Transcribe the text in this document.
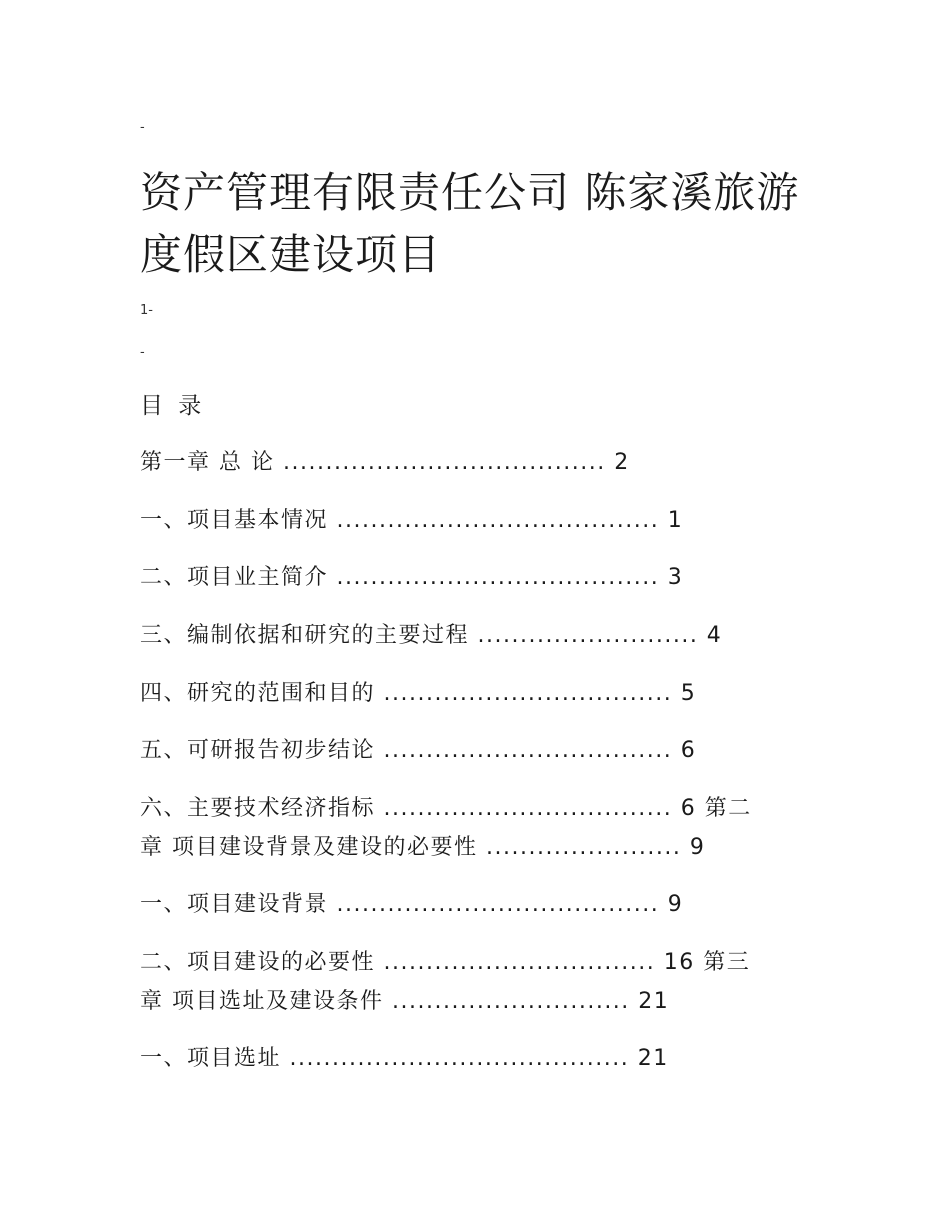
-
资产管理有限责任公司 陈家溪旅游度假区建设项目
1-
-
目 录
第一章 总 论 ...................................... 2
一、项目基本情况 ...................................... 1
二、项目业主简介 ...................................... 3
三、编制依据和研究的主要过程 .......................... 4
四、研究的范围和目的 .................................. 5
五、可研报告初步结论 .................................. 6
六、主要技术经济指标 .................................. 6 第二
章 项目建设背景及建设的必要性 ....................... 9
一、项目建设背景 ...................................... 9
二、项目建设的必要性 ................................ 16 第三
章 项目选址及建设条件 ............................ 21
一、项目选址 ........................................ 21
